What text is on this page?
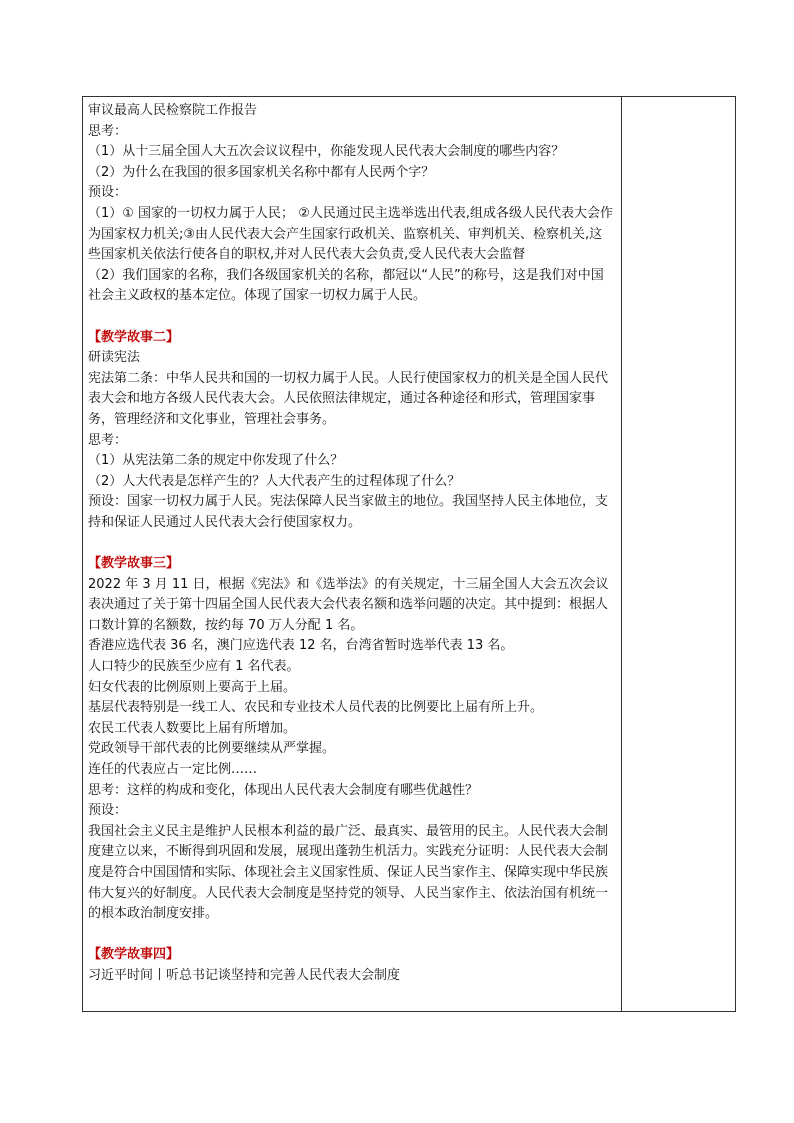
审议最高人民检察院工作报告

思考：

（1）从十三届全国人大五次会议议程中，你能发现人民代表大会制度的哪些内容？

（2）为什么在我国的很多国家机关名称中都有人民两个字？

预设：

（1）① 国家的一切权力属于人民； ②人民通过民主选举选出代表,组成各级人民代表大会作为国家权力机关;③由人民代表大会产生国家行政机关、监察机关、审判机关、检察机关,这些国家机关依法行使各自的职权,并对人民代表大会负责,受人民代表大会监督

（2）我们国家的名称，我们各级国家机关的名称，都冠以“人民”的称号，这是我们对中国社会主义政权的基本定位。体现了国家一切权力属于人民。

【教学故事二】

研读宪法

宪法第二条：中华人民共和国的一切权力属于人民。人民行使国家权力的机关是全国人民代表大会和地方各级人民代表大会。人民依照法律规定，通过各种途径和形式，管理国家事务，管理经济和文化事业，管理社会事务。

思考：

（1）从宪法第二条的规定中你发现了什么？

（2）人大代表是怎样产生的？人大代表产生的过程体现了什么？

预设：国家一切权力属于人民。宪法保障人民当家做主的地位。我国坚持人民主体地位，支持和保证人民通过人民代表大会行使国家权力。

【教学故事三】

2022 年 3 月 11 日，根据《宪法》和《选举法》的有关规定，十三届全国人大会五次会议表决通过了关于第十四届全国人民代表大会代表名额和选举问题的决定。其中提到：根据人口数计算的名额数，按约每 70 万人分配 1 名。

香港应选代表 36 名，澳门应选代表 12 名，台湾省暂时选举代表 13 名。

人口特少的民族至少应有 1 名代表。

妇女代表的比例原则上要高于上届。

基层代表特别是一线工人、农民和专业技术人员代表的比例要比上届有所上升。

农民工代表人数要比上届有所增加。

党政领导干部代表的比例要继续从严掌握。

连任的代表应占一定比例……

思考：这样的构成和变化，体现出人民代表大会制度有哪些优越性？

预设：

我国社会主义民主是维护人民根本利益的最广泛、最真实、最管用的民主。人民代表大会制度建立以来，不断得到巩固和发展，展现出蓬勃生机活力。实践充分证明：人民代表大会制度是符合中国国情和实际、体现社会主义国家性质、保证人民当家作主、保障实现中华民族伟大复兴的好制度。人民代表大会制度是坚持党的领导、人民当家作主、依法治国有机统一的根本政治制度安排。

【教学故事四】

习近平时间丨听总书记谈坚持和完善人民代表大会制度
